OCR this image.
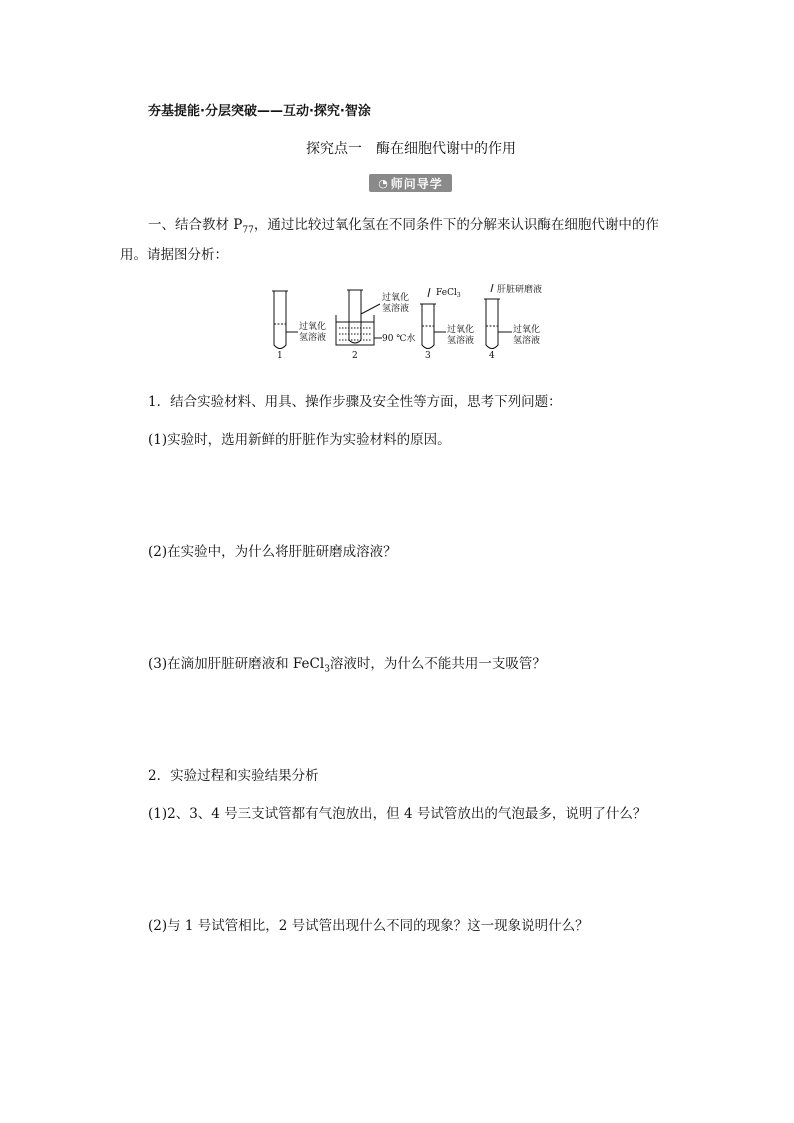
夯基提能·分层突破——互动·探究·智涂
探究点一　酶在细胞代谢中的作用
◔ 师问导学
一、结合教材 $P_{77}$，通过比较过氧化氢在不同条件下的分解来认识酶在细胞代谢中的作用。请据图分析：
过氧化
氢溶液
1
过氧化
氢溶液
90 ℃水
2
FeCl$_3$
过氧化
氢溶液
3
肝脏研磨液
过氧化
氢溶液
4
1．结合实验材料、用具、操作步骤及安全性等方面，思考下列问题：
(1)实验时，选用新鲜的肝脏作为实验材料的原因。
(2)在实验中，为什么将肝脏研磨成溶液？
(3)在滴加肝脏研磨液和 FeCl$_3$溶液时，为什么不能共用一支吸管？
2．实验过程和实验结果分析
(1)2、3、4 号三支试管都有气泡放出，但 4 号试管放出的气泡最多，说明了什么？
(2)与 1 号试管相比，2 号试管出现什么不同的现象？这一现象说明什么？
